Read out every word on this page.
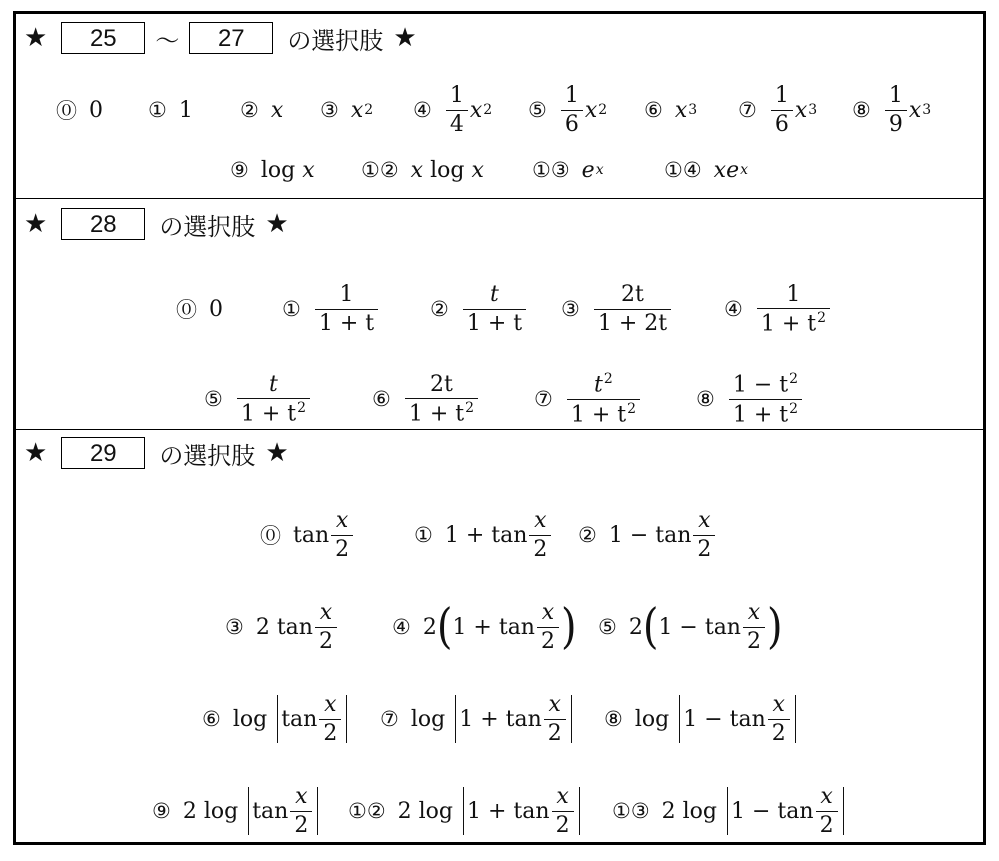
★	25	～	27	の選択肢 ★
⓪ 0 ① 1 ② x ③ x 2 ④ $\frac{1}{4}$ x 2 ⑤ $\frac{1}{6}$ x 2 ⑥ x 3 ⑦ $\frac{1}{6}$ x 3 ⑧ $\frac{1}{9}$ x 3
⑨ log
x ①② x
log
x ①③ e x	①④ x e x
★	28	の選択肢 ★
⓪ 0	① $\frac{1}{1 + t}$ ② $\frac{t}{1 + t}$ ③ $\frac{2t}{1 + 2t}$	④ $\frac{1}{1 + t^2}$
⑤ $\frac{t}{1 + t^2}$	⑥ $\frac{2t}{1 + t^2}$	⑦ $\frac{t^2}{1 + t^2}$	⑧ $\frac{1 - t^2}{1 + t^2}$
★	29	の選択肢 ★
⓪ $\tan \frac{x}{2}$	① $1 + \tan \frac{x}{2}$ ② $1 - \tan \frac{x}{2}$
③ 2 $\tan \frac{x}{2}$	④ 2 ( $1 + \tan \frac{x}{2}$ ) ⑤ 2 ( $1 - \tan \frac{x}{2}$ )
⑥ log
$\tan \frac{x}{2}$ ⑦ log
$1 + \tan \frac{x}{2}$ ⑧ log
$1 - \tan \frac{x}{2}$
⑨ 2 log
$\tan \frac{x}{2}$ ①② 2 log
$1 + \tan \frac{x}{2}$ ①③ 2 log
$1 - \tan \frac{x}{2}$
